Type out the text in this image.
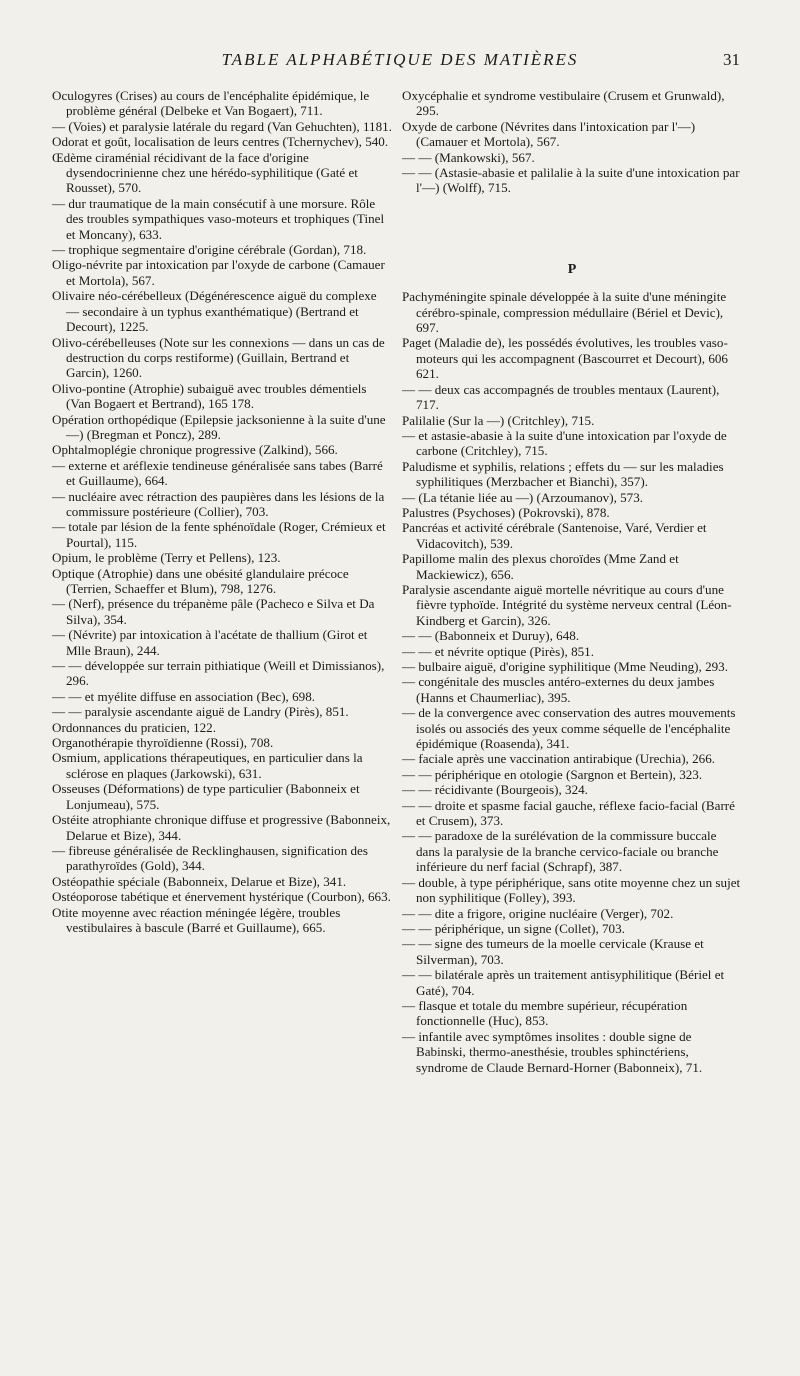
TABLE ALPHABÉTIQUE DES MATIÈRES	31

Oculogyres (Crises) au cours de l'encéphalite épidémique, le problème général (Delbeke et Van Bogaert), 711.

— (Voies) et paralysie latérale du regard (Van Gehuchten), 1181.

Odorat et goût, localisation de leurs centres (Tchernychev), 540.

Œdème ciraménial récidivant de la face d'origine dysendocrinienne chez une hérédo-syphilitique (Gaté et Rousset), 570.

— dur traumatique de la main consécutif à une morsure. Rôle des troubles sympathiques vaso-moteurs et trophiques (Tinel et Moncany), 633.

— trophique segmentaire d'origine cérébrale (Gordan), 718.

Oligo-névrite par intoxication par l'oxyde de carbone (Camauer et Mortola), 567.

Olivaire néo-cérébelleux (Dégénérescence aiguë du complexe — secondaire à un typhus exanthématique) (Bertrand et Decourt), 1225.

Olivo-cérébelleuses (Note sur les connexions — dans un cas de destruction du corps restiforme) (Guillain, Bertrand et Garcin), 1260.

Olivo-pontine (Atrophie) subaiguë avec troubles démentiels (Van Bogaert et Bertrand), 165 178.

Opération orthopédique (Epilepsie jacksonienne à la suite d'une —) (Bregman et Poncz), 289.

Ophtalmoplégie chronique progressive (Zalkind), 566.

— externe et aréflexie tendineuse généralisée sans tabes (Barré et Guillaume), 664.

— nucléaire avec rétraction des paupières dans les lésions de la commissure postérieure (Collier), 703.

— totale par lésion de la fente sphénoïdale (Roger, Crémieux et Pourtal), 115.

Opium, le problème (Terry et Pellens), 123.

Optique (Atrophie) dans une obésité glandulaire précoce (Terrien, Schaeffer et Blum), 798, 1276.

— (Nerf), présence du trépanème pâle (Pacheco e Silva et Da Silva), 354.

— (Névrite) par intoxication à l'acétate de thallium (Girot et Mlle Braun), 244.

— — développée sur terrain pithiatique (Weill et Dimissianos), 296.

— — et myélite diffuse en association (Bec), 698.

— — paralysie ascendante aiguë de Landry (Pirès), 851.

Ordonnances du praticien, 122.

Organothérapie thyroïdienne (Rossi), 708.

Osmium, applications thérapeutiques, en particulier dans la sclérose en plaques (Jarkowski), 631.

Osseuses (Déformations) de type particulier (Babonneix et Lonjumeau), 575.

Ostéite atrophiante chronique diffuse et progressive (Babonneix, Delarue et Bize), 344.

— fibreuse généralisée de Recklinghausen, signification des parathyroïdes (Gold), 344.

Ostéopathie spéciale (Babonneix, Delarue et Bize), 341.

Ostéoporose tabétique et énervement hystérique (Courbon), 663.

Otite moyenne avec réaction méningée légère, troubles vestibulaires à bascule (Barré et Guillaume), 665.

Oxycéphalie et syndrome vestibulaire (Crusem et Grunwald), 295.

Oxyde de carbone (Névrites dans l'intoxication par l'—) (Camauer et Mortola), 567.

— — (Mankowski), 567.

— — (Astasie-abasie et palilalie à la suite d'une intoxication par l'—) (Wolff), 715.

P

Pachyméningite spinale développée à la suite d'une méningite cérébro-spinale, compression médullaire (Bériel et Devic), 697.

Paget (Maladie de), les possédés évolutives, les troubles vaso-moteurs qui les accompagnent (Bascourret et Decourt), 606 621.

— — deux cas accompagnés de troubles mentaux (Laurent), 717.

Palilalie (Sur la —) (Critchley), 715.

— et astasie-abasie à la suite d'une intoxication par l'oxyde de carbone (Critchley), 715.

Paludisme et syphilis, relations ; effets du — sur les maladies syphilitiques (Merzbacher et Bianchi), 357).

— (La tétanie liée au —) (Arzoumanov), 573.

Palustres (Psychoses) (Pokrovski), 878.

Pancréas et activité cérébrale (Santenoise, Varé, Verdier et Vidacovitch), 539.

Papillome malin des plexus choroïdes (Mme Zand et Mackiewicz), 656.

Paralysie ascendante aiguë mortelle névritique au cours d'une fièvre typhoïde. Intégrité du système nerveux central (Léon-Kindberg et Garcin), 326.

— — (Babonneix et Duruy), 648.

— — et névrite optique (Pirès), 851.

— bulbaire aiguë, d'origine syphilitique (Mme Neuding), 293.

— congénitale des muscles antéro-externes du deux jambes (Hanns et Chaumerliac), 395.

— de la convergence avec conservation des autres mouvements isolés ou associés des yeux comme séquelle de l'encéphalite épidémique (Roasenda), 341.

— faciale après une vaccination antirabique (Urechia), 266.

— — périphérique en otologie (Sargnon et Bertein), 323.

— — récidivante (Bourgeois), 324.

— — droite et spasme facial gauche, réflexe facio-facial (Barré et Crusem), 373.

— — paradoxe de la surélévation de la commissure buccale dans la paralysie de la branche cervico-faciale ou branche inférieure du nerf facial (Schrapf), 387.

— double, à type périphérique, sans otite moyenne chez un sujet non syphilitique (Folley), 393.

— — dite a frigore, origine nucléaire (Verger), 702.

— — périphérique, un signe (Collet), 703.

— — signe des tumeurs de la moelle cervicale (Krause et Silverman), 703.

— — bilatérale après un traitement antisyphilitique (Bériel et Gaté), 704.

— flasque et totale du membre supérieur, récupération fonctionnelle (Huc), 853.

— infantile avec symptômes insolites : double signe de Babinski, thermo-anesthésie, troubles sphinctériens, syndrome de Claude Bernard-Horner (Babonneix), 71.
